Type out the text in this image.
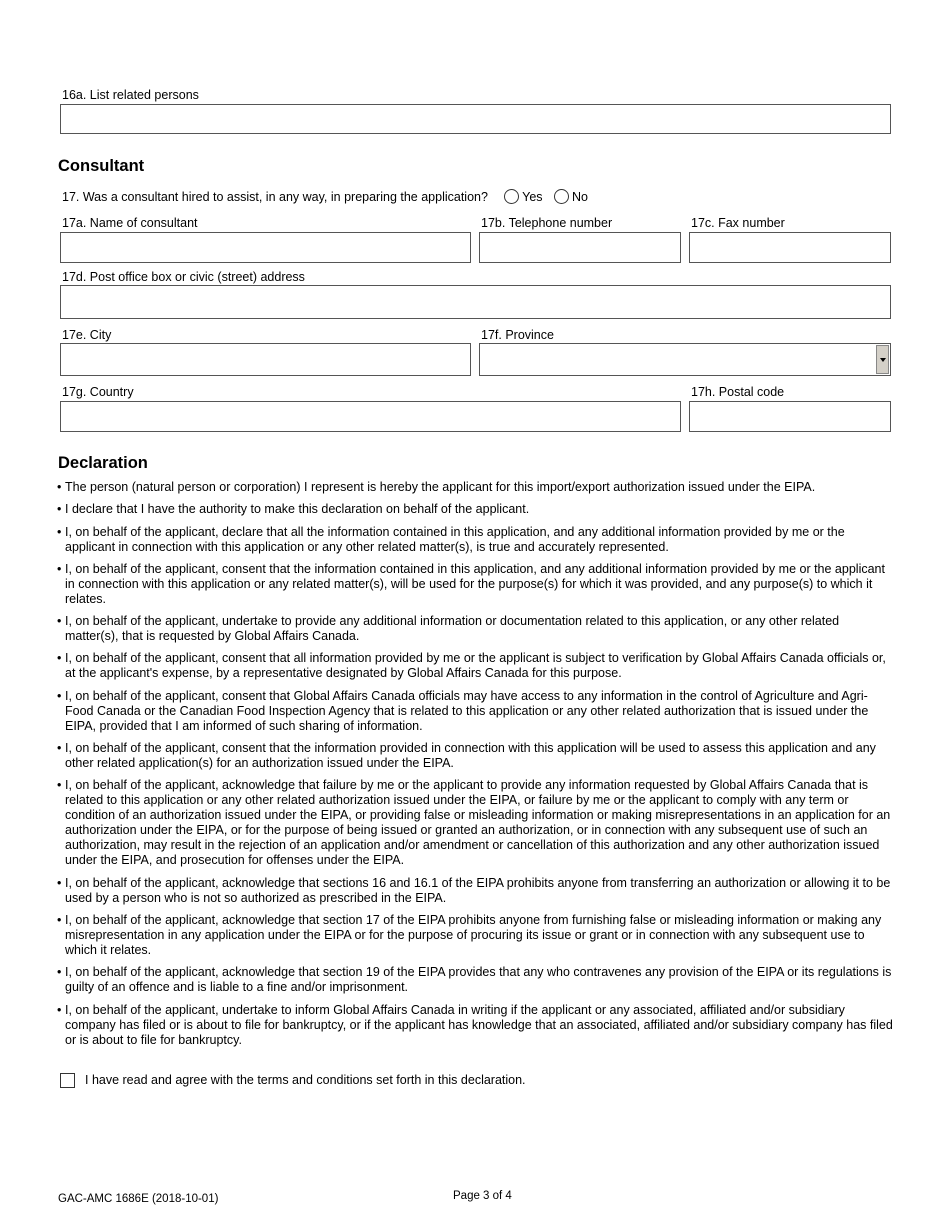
16a. List related persons
Consultant
17. Was a consultant hired to assist, in any way, in preparing the application?	Yes No
17a. Name of consultant	17b. Telephone number	17c. Fax number
17d. Post office box or civic (street) address
17e. City	17f. Province
17g. Country	17h. Postal code
Declaration
• The person (natural person or corporation) I represent is hereby the applicant for this import/export authorization issued under the EIPA.
• I declare that I have the authority to make this declaration on behalf of the applicant.
• I, on behalf of the applicant, declare that all the information contained in this application, and any additional information provided by me or the applicant in connection with this application or any other related matter(s), is true and accurately represented.
• I, on behalf of the applicant, consent that the information contained in this application, and any additional information provided by me or the applicant in connection with this application or any related matter(s), will be used for the purpose(s) for which it was provided, and any purpose(s) to which it relates.
• I, on behalf of the applicant, undertake to provide any additional information or documentation related to this application, or any other related matter(s), that is requested by Global Affairs Canada.
• I, on behalf of the applicant, consent that all information provided by me or the applicant is subject to verification by Global Affairs Canada officials or, at the applicant's expense, by a representative designated by Global Affairs Canada for this purpose.
• I, on behalf of the applicant, consent that Global Affairs Canada officials may have access to any information in the control of Agriculture and Agri-Food Canada or the Canadian Food Inspection Agency that is related to this application or any other related authorization that is issued under the EIPA, provided that I am informed of such sharing of information.
• I, on behalf of the applicant, consent that the information provided in connection with this application will be used to assess this application and any other related application(s) for an authorization issued under the EIPA.
• I, on behalf of the applicant, acknowledge that failure by me or the applicant to provide any information requested by Global Affairs Canada that is related to this application or any other related authorization issued under the EIPA, or failure by me or the applicant to comply with any term or condition of an authorization issued under the EIPA, or providing false or misleading information or making misrepresentations in an application for an authorization under the EIPA, or for the purpose of being issued or granted an authorization, or in connection with any subsequent use of such an authorization, may result in the rejection of an application and/or amendment or cancellation of this authorization and any other authorization issued under the EIPA, and prosecution for offenses under the EIPA.
• I, on behalf of the applicant, acknowledge that sections 16 and 16.1 of the EIPA prohibits anyone from transferring an authorization or allowing it to be used by a person who is not so authorized as prescribed in the EIPA.
• I, on behalf of the applicant, acknowledge that section 17 of the EIPA prohibits anyone from furnishing false or misleading information or making any misrepresentation in any application under the EIPA or for the purpose of procuring its issue or grant or in connection with any subsequent use to which it relates.
• I, on behalf of the applicant, acknowledge that section 19 of the EIPA provides that any who contravenes any provision of the EIPA or its regulations is guilty of an offence and is liable to a fine and/or imprisonment.
• I, on behalf of the applicant, undertake to inform Global Affairs Canada in writing if the applicant or any associated, affiliated and/or subsidiary company has filed or is about to file for bankruptcy, or if the applicant has knowledge that an associated, affiliated and/or subsidiary company has filed or is about to file for bankruptcy.
I have read and agree with the terms and conditions set forth in this declaration.
GAC-AMC 1686E (2018-10-01)	Page 3 of 4
